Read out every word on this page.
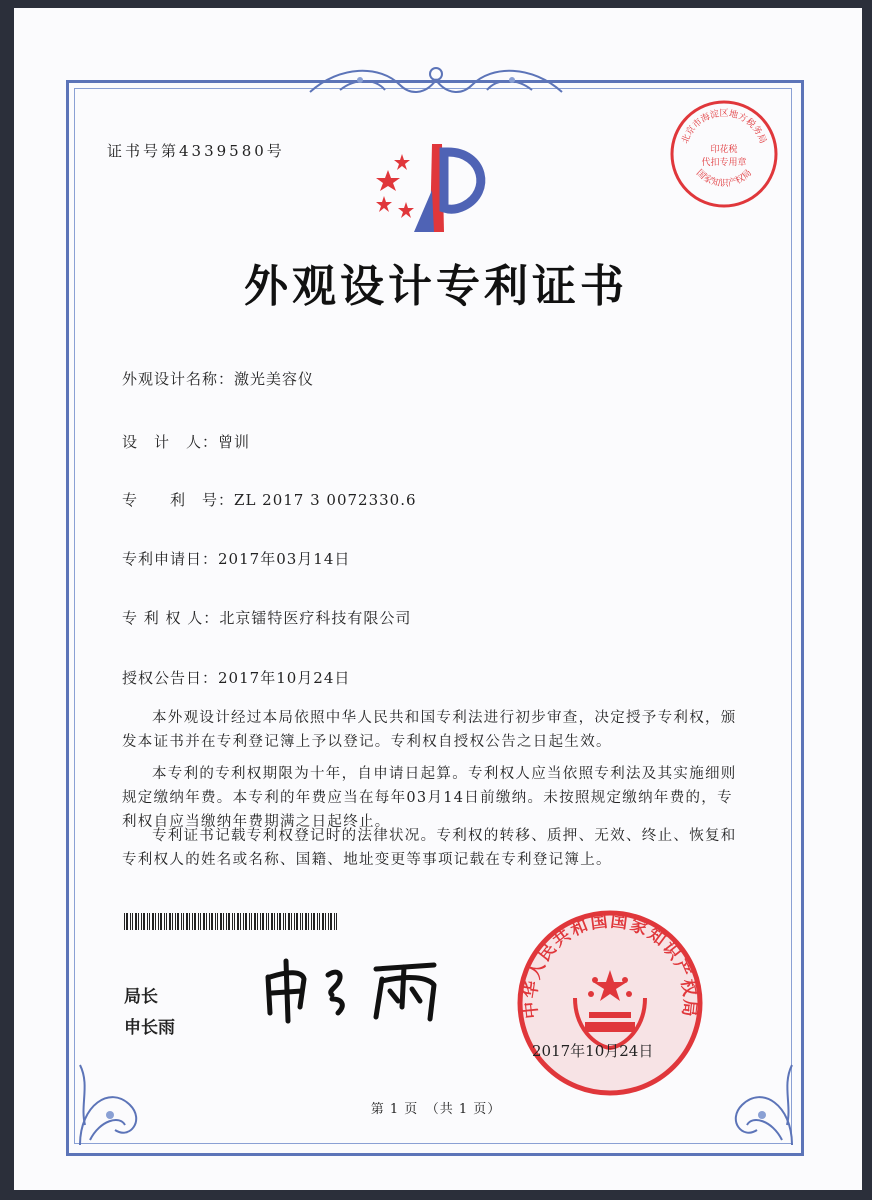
证书号第4339580号
北京市海淀区地方税务局
印花税
代扣专用章
国家知识产权局
外观设计专利证书
外观设计名称：激光美容仪
设　计　人：曾训
专　　利　号：ZL 2017 3 0072330.6
专利申请日：2017年03月14日
专 利 权 人：北京镭特医疗科技有限公司
授权公告日：2017年10月24日
本外观设计经过本局依照中华人民共和国专利法进行初步审查，决定授予专利权，颁
发本证书并在专利登记簿上予以登记。专利权自授权公告之日起生效。
本专利的专利权期限为十年，自申请日起算。专利权人应当依照专利法及其实施细则
规定缴纳年费。本专利的年费应当在每年03月14日前缴纳。未按照规定缴纳年费的，专
利权自应当缴纳年费期满之日起终止。
专利证书记载专利权登记时的法律状况。专利权的转移、质押、无效、终止、恢复和
专利权人的姓名或名称、国籍、地址变更等事项记载在专利登记簿上。
局长
申长雨
中华人民共和国国家知识产权局
2017年10月24日
第 1 页　（共 1 页）
